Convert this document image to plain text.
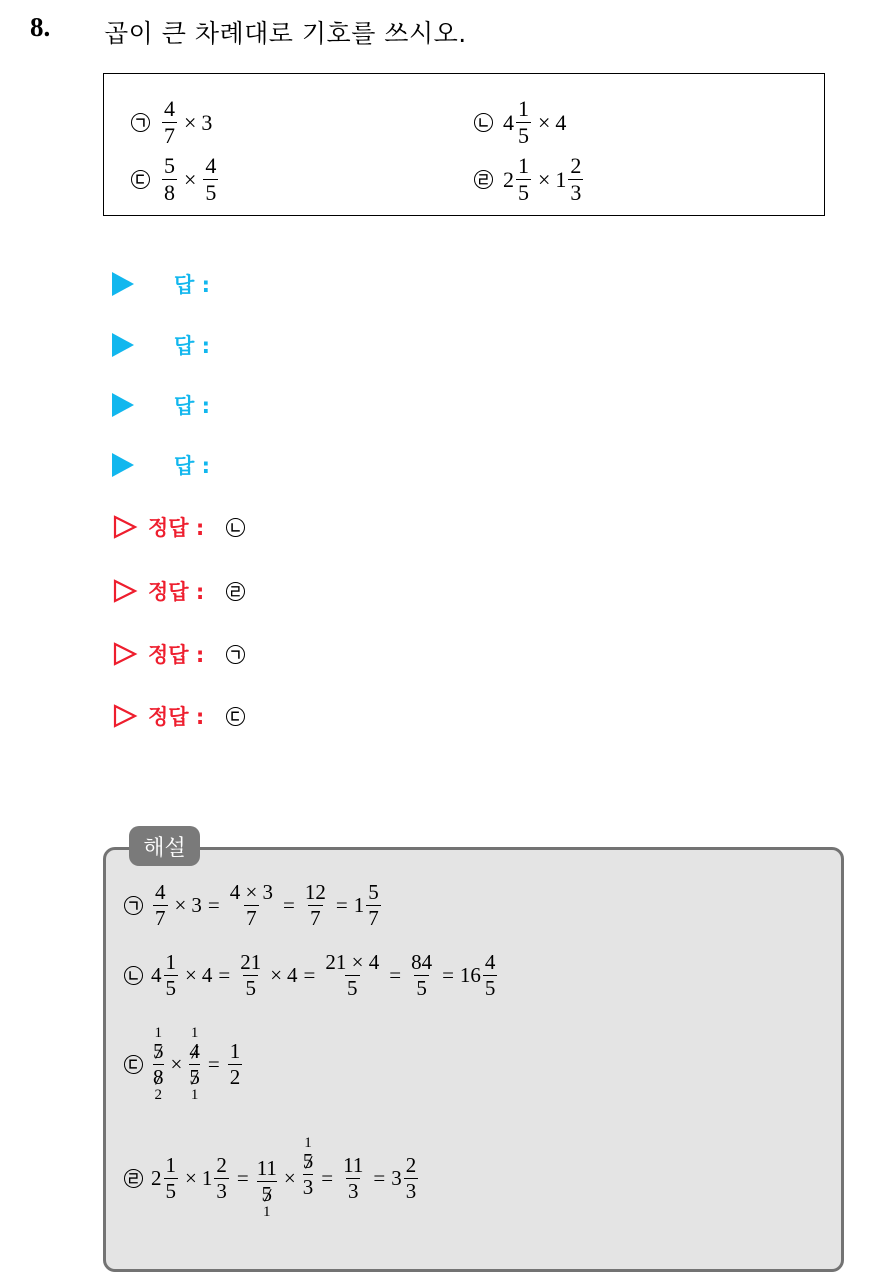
8. 곱이 큰 차례대로 기호를 쓰시오.
$\frac{4}{7} \times 3$	$4 \frac{1}{5} \times 4$
$\frac{5}{8} \times \frac{4}{5}$	$2 \frac{1}{5} \times 1 \frac{2}{3}$
답 :
답 :
답 :
답 :
정답 :
정답 :
정답 :
정답 :
해설
$\frac{4}{7} \times 3 = \frac{4 \times 3}{7} = \frac{12}{7} = 1 \frac{5}{7}$
$4 \frac{1}{5} \times 4 = \frac{21}{5} \times 4 = \frac{21 \times 4}{5} = \frac{84}{5} = 16 \frac{4}{5}$
1
5
8
2
×
1
4
5
1
= $\frac{1}{2}$
$2 \frac{1}{5} \times 1 \frac{2}{3} = 11$
5
1
×
1
5
$3 = \frac{11}{3} = 3 \frac{2}{3}$
